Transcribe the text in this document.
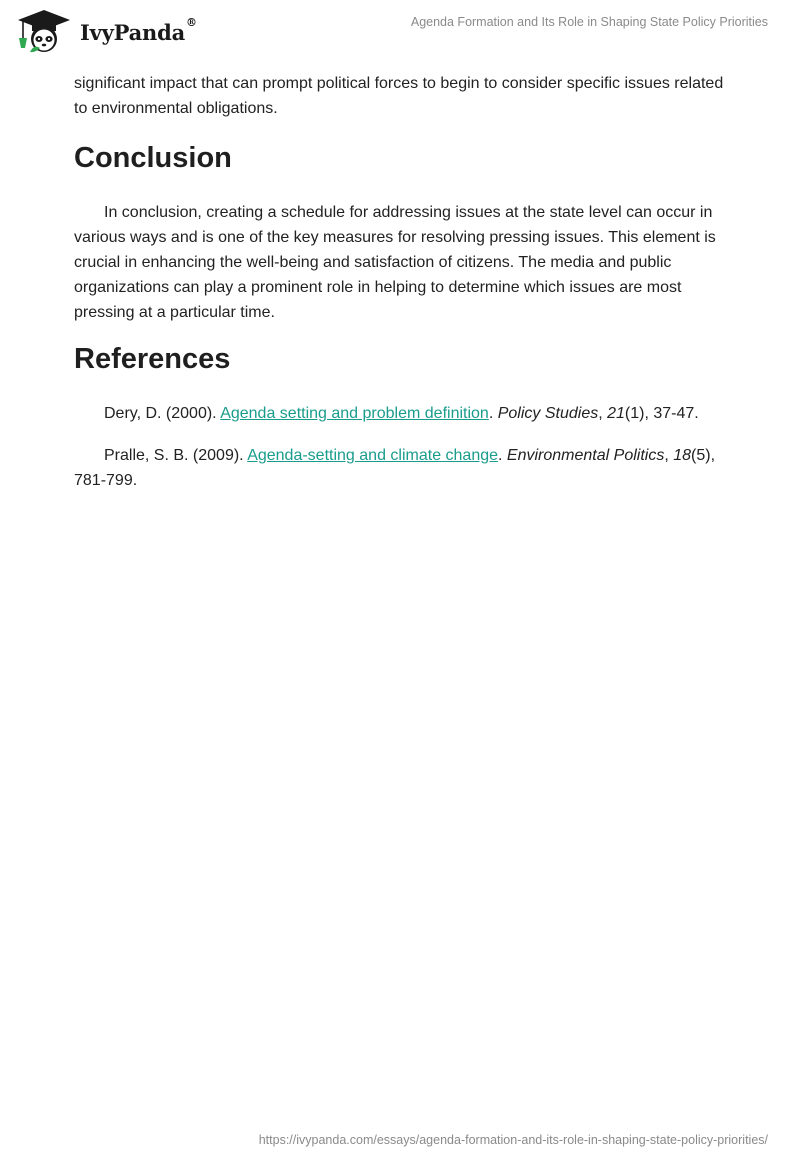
IvyPanda®	Agenda Formation and Its Role in Shaping State Policy Priorities

significant impact that can prompt political forces to begin to consider specific issues related to environmental obligations.

Conclusion

In conclusion, creating a schedule for addressing issues at the state level can occur in various ways and is one of the key measures for resolving pressing issues. This element is crucial in enhancing the well-being and satisfaction of citizens. The media and public organizations can play a prominent role in helping to determine which issues are most pressing at a particular time.

References

Dery, D. (2000). Agenda setting and problem definition. Policy Studies, 21(1), 37-47.

Pralle, S. B. (2009). Agenda-setting and climate change. Environmental Politics, 18(5), 781-799.

https://ivypanda.com/essays/agenda-formation-and-its-role-in-shaping-state-policy-priorities/
